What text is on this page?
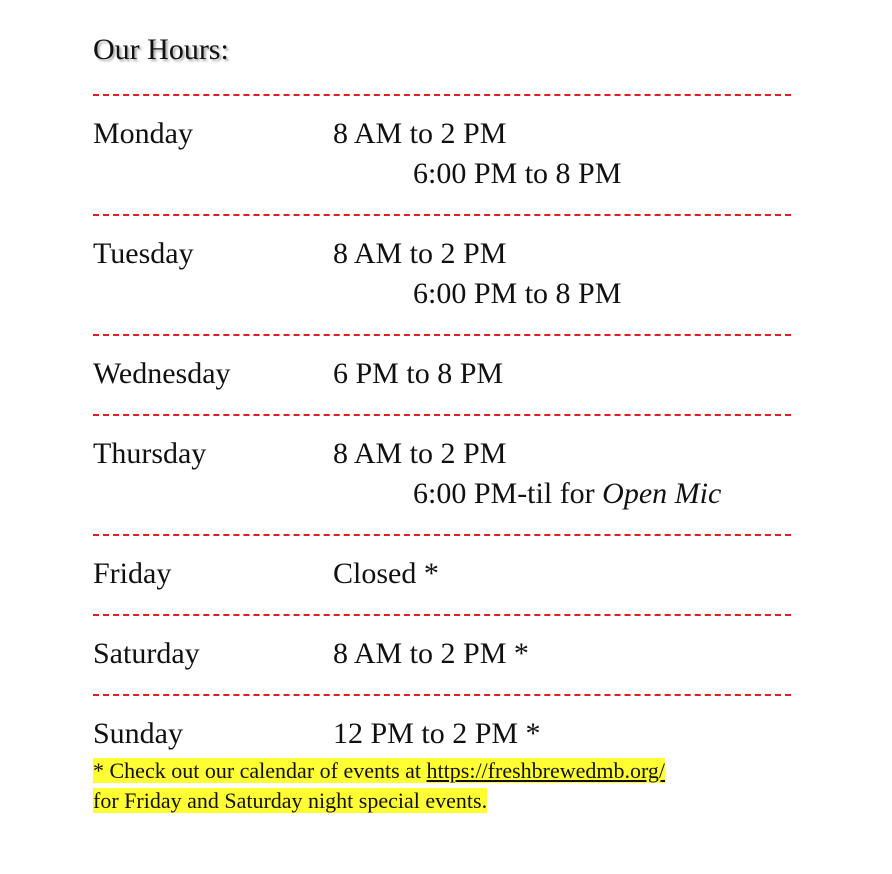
Our Hours:
Monday	8 AM to 2 PM
6:00 PM to 8 PM
Tuesday	8 AM to 2 PM
6:00 PM to 8 PM
Wednesday	6 PM to 8 PM
Thursday	8 AM to 2 PM
6:00 PM-til for Open Mic
Friday	Closed *
Saturday	8 AM to 2 PM *
Sunday	12 PM to 2 PM *
* Check out our calendar of events at https://freshbrewedmb.org/
for Friday and Saturday night special events.
